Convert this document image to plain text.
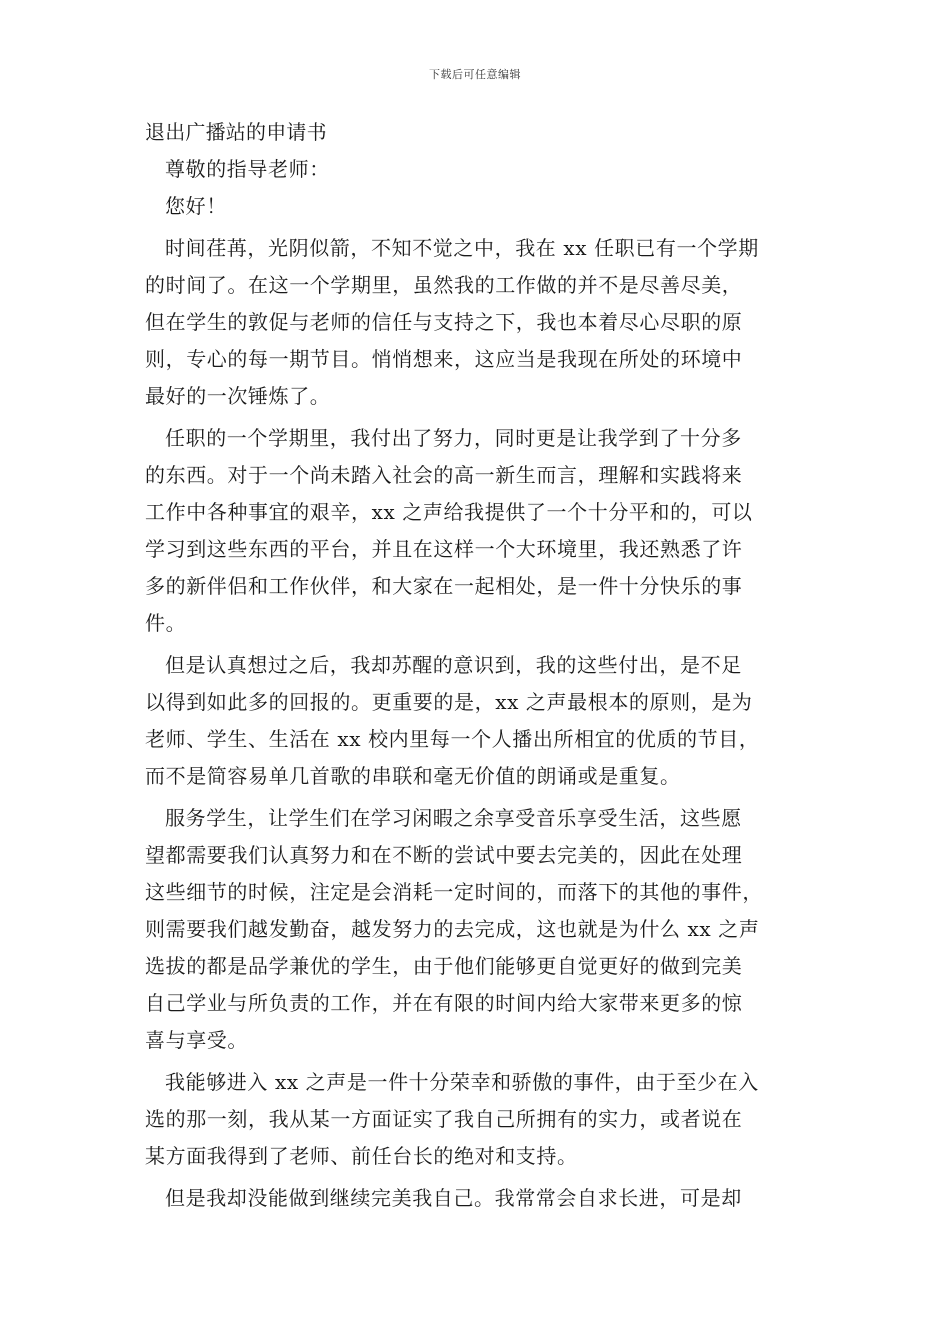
下载后可任意编辑
退出广播站的申请书
尊敬的指导老师：
您好！
时间荏苒，光阴似箭，不知不觉之中，我在 xx 任职已有一个学期
的时间了。在这一个学期里，虽然我的工作做的并不是尽善尽美，
但在学生的敦促与老师的信任与支持之下，我也本着尽心尽职的原
则，专心的每一期节目。悄悄想来，这应当是我现在所处的环境中
最好的一次锤炼了。
任职的一个学期里，我付出了努力，同时更是让我学到了十分多
的东西。对于一个尚未踏入社会的高一新生而言，理解和实践将来
工作中各种事宜的艰辛，xx 之声给我提供了一个十分平和的，可以
学习到这些东西的平台，并且在这样一个大环境里，我还熟悉了许
多的新伴侣和工作伙伴，和大家在一起相处，是一件十分快乐的事
件。
但是认真想过之后，我却苏醒的意识到，我的这些付出，是不足
以得到如此多的回报的。更重要的是，xx 之声最根本的原则，是为
老师、学生、生活在 xx 校内里每一个人播出所相宜的优质的节目，
而不是简容易单几首歌的串联和毫无价值的朗诵或是重复。
服务学生，让学生们在学习闲暇之余享受音乐享受生活，这些愿
望都需要我们认真努力和在不断的尝试中要去完美的，因此在处理
这些细节的时候，注定是会消耗一定时间的，而落下的其他的事件，
则需要我们越发勤奋，越发努力的去完成，这也就是为什么 xx 之声
选拔的都是品学兼优的学生，由于他们能够更自觉更好的做到完美
自己学业与所负责的工作，并在有限的时间内给大家带来更多的惊
喜与享受。
我能够进入 xx 之声是一件十分荣幸和骄傲的事件，由于至少在入
选的那一刻，我从某一方面证实了我自己所拥有的实力，或者说在
某方面我得到了老师、前任台长的绝对和支持。
但是我却没能做到继续完美我自己。我常常会自求长进，可是却
